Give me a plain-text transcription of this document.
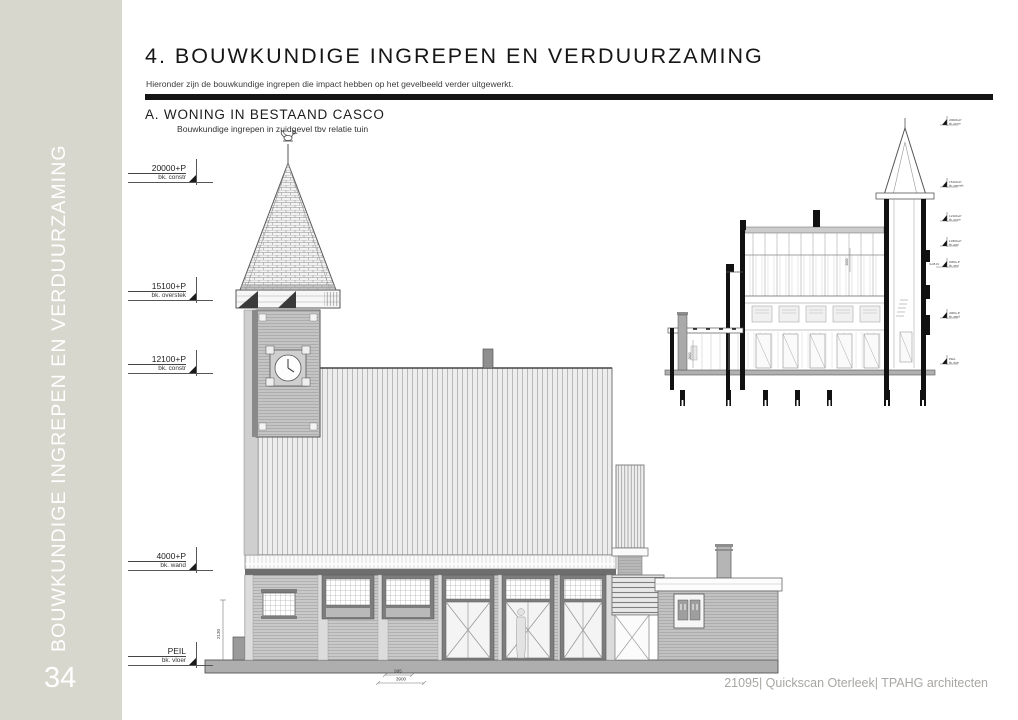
BOUWKUNDIGE INGREPEN EN VERDUURZAMING
34
4. BOUWKUNDIGE INGREPEN EN VERDUURZAMING
Hieronder zijn de bouwkundige ingrepen die impact hebben op het gevelbeeld verder uitgewerkt.
A. WONING IN BESTAAND CASCO
Bouwkundige ingrepen in zuidgevel tbv relatie tuin
2130
995
3900
2000
2600
20000+P
bk. constr
15100+P
bk. overstek
12100+P
bk. constr
10300+P
bk. goot
9+08.19
9000+P
bk. verd.
4000+P
bk. wand
PEIL
bk. vloer
20000+P
bk. constr
15100+P
bk. overstek
12100+P
bk. constr
4000+P
bk. wand
PEIL
bk. vloer
21095| Quickscan Oterleek| TPAHG architecten
